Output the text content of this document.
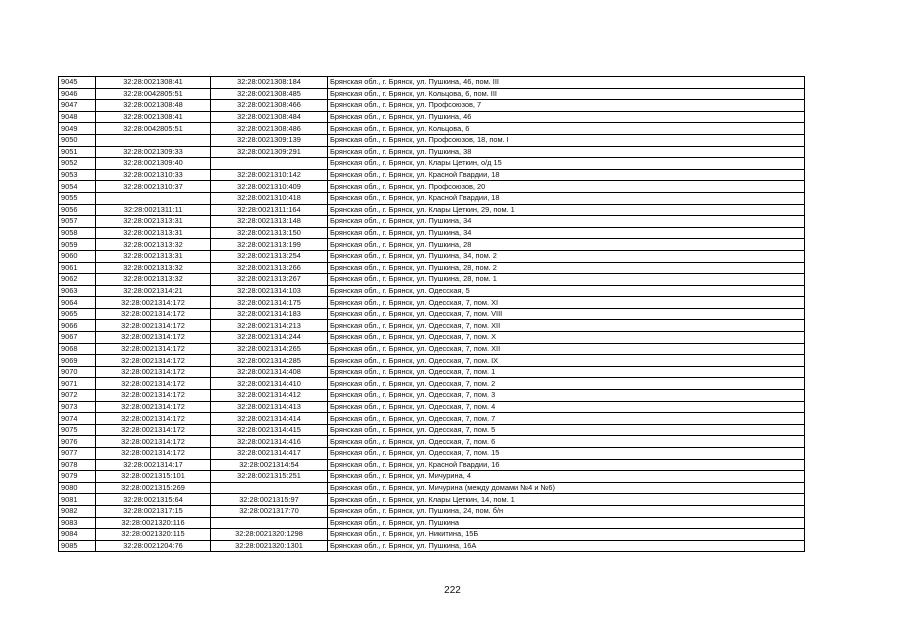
9045	32:28:0021308:41	32:28:0021308:184	Брянская обл., г. Брянск, ул. Пушкина, 46, пом. III
9046	32:28:0042805:51	32:28:0021308:485	Брянская обл., г. Брянск, ул. Кольцова, 6, пом. III
9047	32:28:0021308:48	32:28:0021308:466	Брянская обл., г. Брянск, ул. Профсоюзов, 7
9048	32:28:0021308:41	32:28:0021308:484	Брянская обл., г. Брянск, ул. Пушкина, 46
9049	32:28:0042805:51	32:28:0021308:486	Брянская обл., г. Брянск, ул. Кольцова, 6
9050		32:28:0021309:139	Брянская обл., г. Брянск, ул. Профсоюзов, 18, пом. I
9051	32:28:0021309:33	32:28:0021309:291	Брянская обл., г. Брянск, ул. Пушкина, 38
9052	32:28:0021309:40		Брянская обл., г. Брянск, ул. Клары Цеткин, о/д 15
9053	32:28:0021310:33	32:28:0021310:142	Брянская обл., г. Брянск, ул. Красной Гвардии, 18
9054	32:28:0021310:37	32:28:0021310:409	Брянская обл., г. Брянск, ул. Профсоюзов, 20
9055		32:28:0021310:418	Брянская обл., г. Брянск, ул. Красной Гвардии, 18
9056	32:28:0021311:11	32:28:0021311:164	Брянская обл., г. Брянск, ул. Клары Цеткин, 29, пом. 1
9057	32:28:0021313:31	32:28:0021313:148	Брянская обл., г. Брянск, ул. Пушкина, 34
9058	32:28:0021313:31	32:28:0021313:150	Брянская обл., г. Брянск, ул. Пушкина, 34
9059	32:28:0021313:32	32:28:0021313:199	Брянская обл., г. Брянск, ул. Пушкина, 28
9060	32:28:0021313:31	32:28:0021313:254	Брянская обл., г. Брянск, ул. Пушкина, 34, пом. 2
9061	32:28:0021313:32	32:28:0021313:266	Брянская обл., г. Брянск, ул. Пушкина, 28, пом. 2
9062	32:28:0021313:32	32:28:0021313:267	Брянская обл., г. Брянск, ул. Пушкина, 28, пом. 1
9063	32:28:0021314:21	32:28:0021314:103	Брянская обл., г. Брянск, ул. Одесская, 5
9064	32:28:0021314:172	32:28:0021314:175	Брянская обл., г. Брянск, ул. Одесская, 7, пом. XI
9065	32:28:0021314:172	32:28:0021314:183	Брянская обл., г. Брянск, ул. Одесская, 7, пом. VIII
9066	32:28:0021314:172	32:28:0021314:213	Брянская обл., г. Брянск, ул. Одесская, 7, пом. XII
9067	32:28:0021314:172	32:28:0021314:244	Брянская обл., г. Брянск, ул. Одесская, 7, пом. X
9068	32:28:0021314:172	32:28:0021314:265	Брянская обл., г. Брянск, ул. Одесская, 7, пом. XII
9069	32:28:0021314:172	32:28:0021314:285	Брянская обл., г. Брянск, ул. Одесская, 7, пом. IX
9070	32:28:0021314:172	32:28:0021314:408	Брянская обл., г. Брянск, ул. Одесская, 7, пом. 1
9071	32:28:0021314:172	32:28:0021314:410	Брянская обл., г. Брянск, ул. Одесская, 7, пом. 2
9072	32:28:0021314:172	32:28:0021314:412	Брянская обл., г. Брянск, ул. Одесская, 7, пом. 3
9073	32:28:0021314:172	32:28:0021314:413	Брянская обл., г. Брянск, ул. Одесская, 7, пом. 4
9074	32:28:0021314:172	32:28:0021314:414	Брянская обл., г. Брянск, ул. Одесская, 7, пом. 7
9075	32:28:0021314:172	32:28:0021314:415	Брянская обл., г. Брянск, ул. Одесская, 7, пом. 5
9076	32:28:0021314:172	32:28:0021314:416	Брянская обл., г. Брянск, ул. Одесская, 7, пом. 6
9077	32:28:0021314:172	32:28:0021314:417	Брянская обл., г. Брянск, ул. Одесская, 7, пом. 15
9078	32:28:0021314:17	32:28:0021314:54	Брянская обл., г. Брянск, ул. Красной Гвардии, 16
9079	32:28:0021315:101	32:28:0021315:251	Брянская обл., г. Брянск, ул. Мичурина, 4
9080	32:28:0021315:269		Брянская обл., г. Брянск, ул. Мичурина (между домами №4 и №6)
9081	32:28:0021315:64	32:28:0021315:97	Брянская обл., г. Брянск, ул. Клары Цеткин, 14, пом. 1
9082	32:28:0021317:15	32:28:0021317:70	Брянская обл., г. Брянск, ул. Пушкина, 24, пом. б/н
9083	32:28:0021320:116		Брянская обл., г. Брянск, ул. Пушкина
9084	32:28:0021320:115	32:28:0021320:1298	Брянская обл., г. Брянск, ул. Никитина, 15Б
9085	32:28:0021204:76	32:28:0021320:1301	Брянская обл., г. Брянск, ул. Пушкина, 16А
222
